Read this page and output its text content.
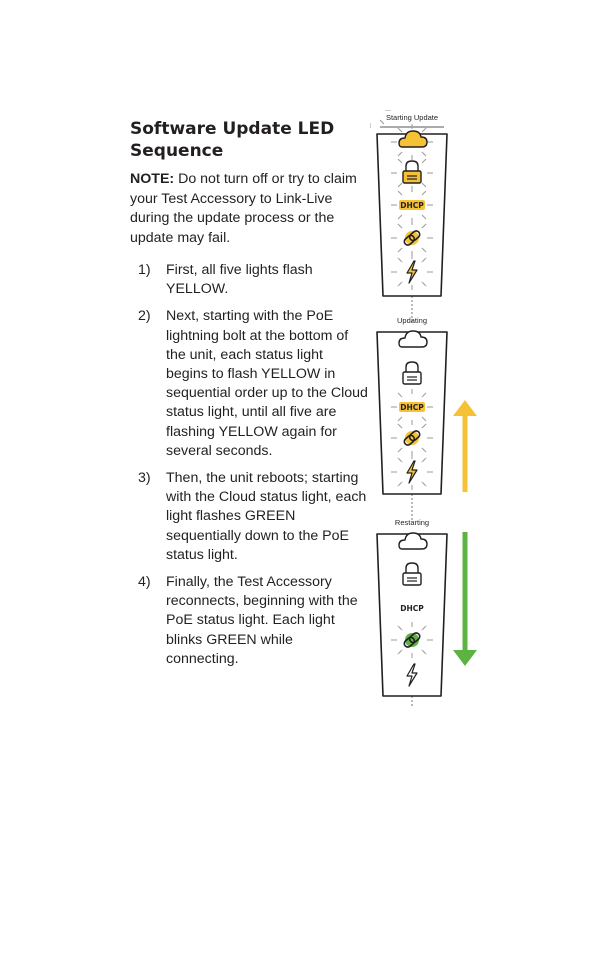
Software Update LED Sequence

NOTE: Do not turn off or try to claim your Test Accessory to Link-Live during the update process or the update may fail.

1) First, all five lights flash YELLOW.
2) Next, starting with the PoE lightning bolt at the bottom of the unit, each status light begins to flash YELLOW in sequential order up to the Cloud status light, until all five are flashing YELLOW again for several seconds.
3) Then, the unit reboots; starting with the Cloud status light, each light flashes GREEN sequentially down to the PoE status light.
4) Finally, the Test Accessory reconnects, beginning with the PoE status light. Each light blinks GREEN while connecting.
Starting Update
DHCP
Updating
DHCP
Restarting
DHCP
